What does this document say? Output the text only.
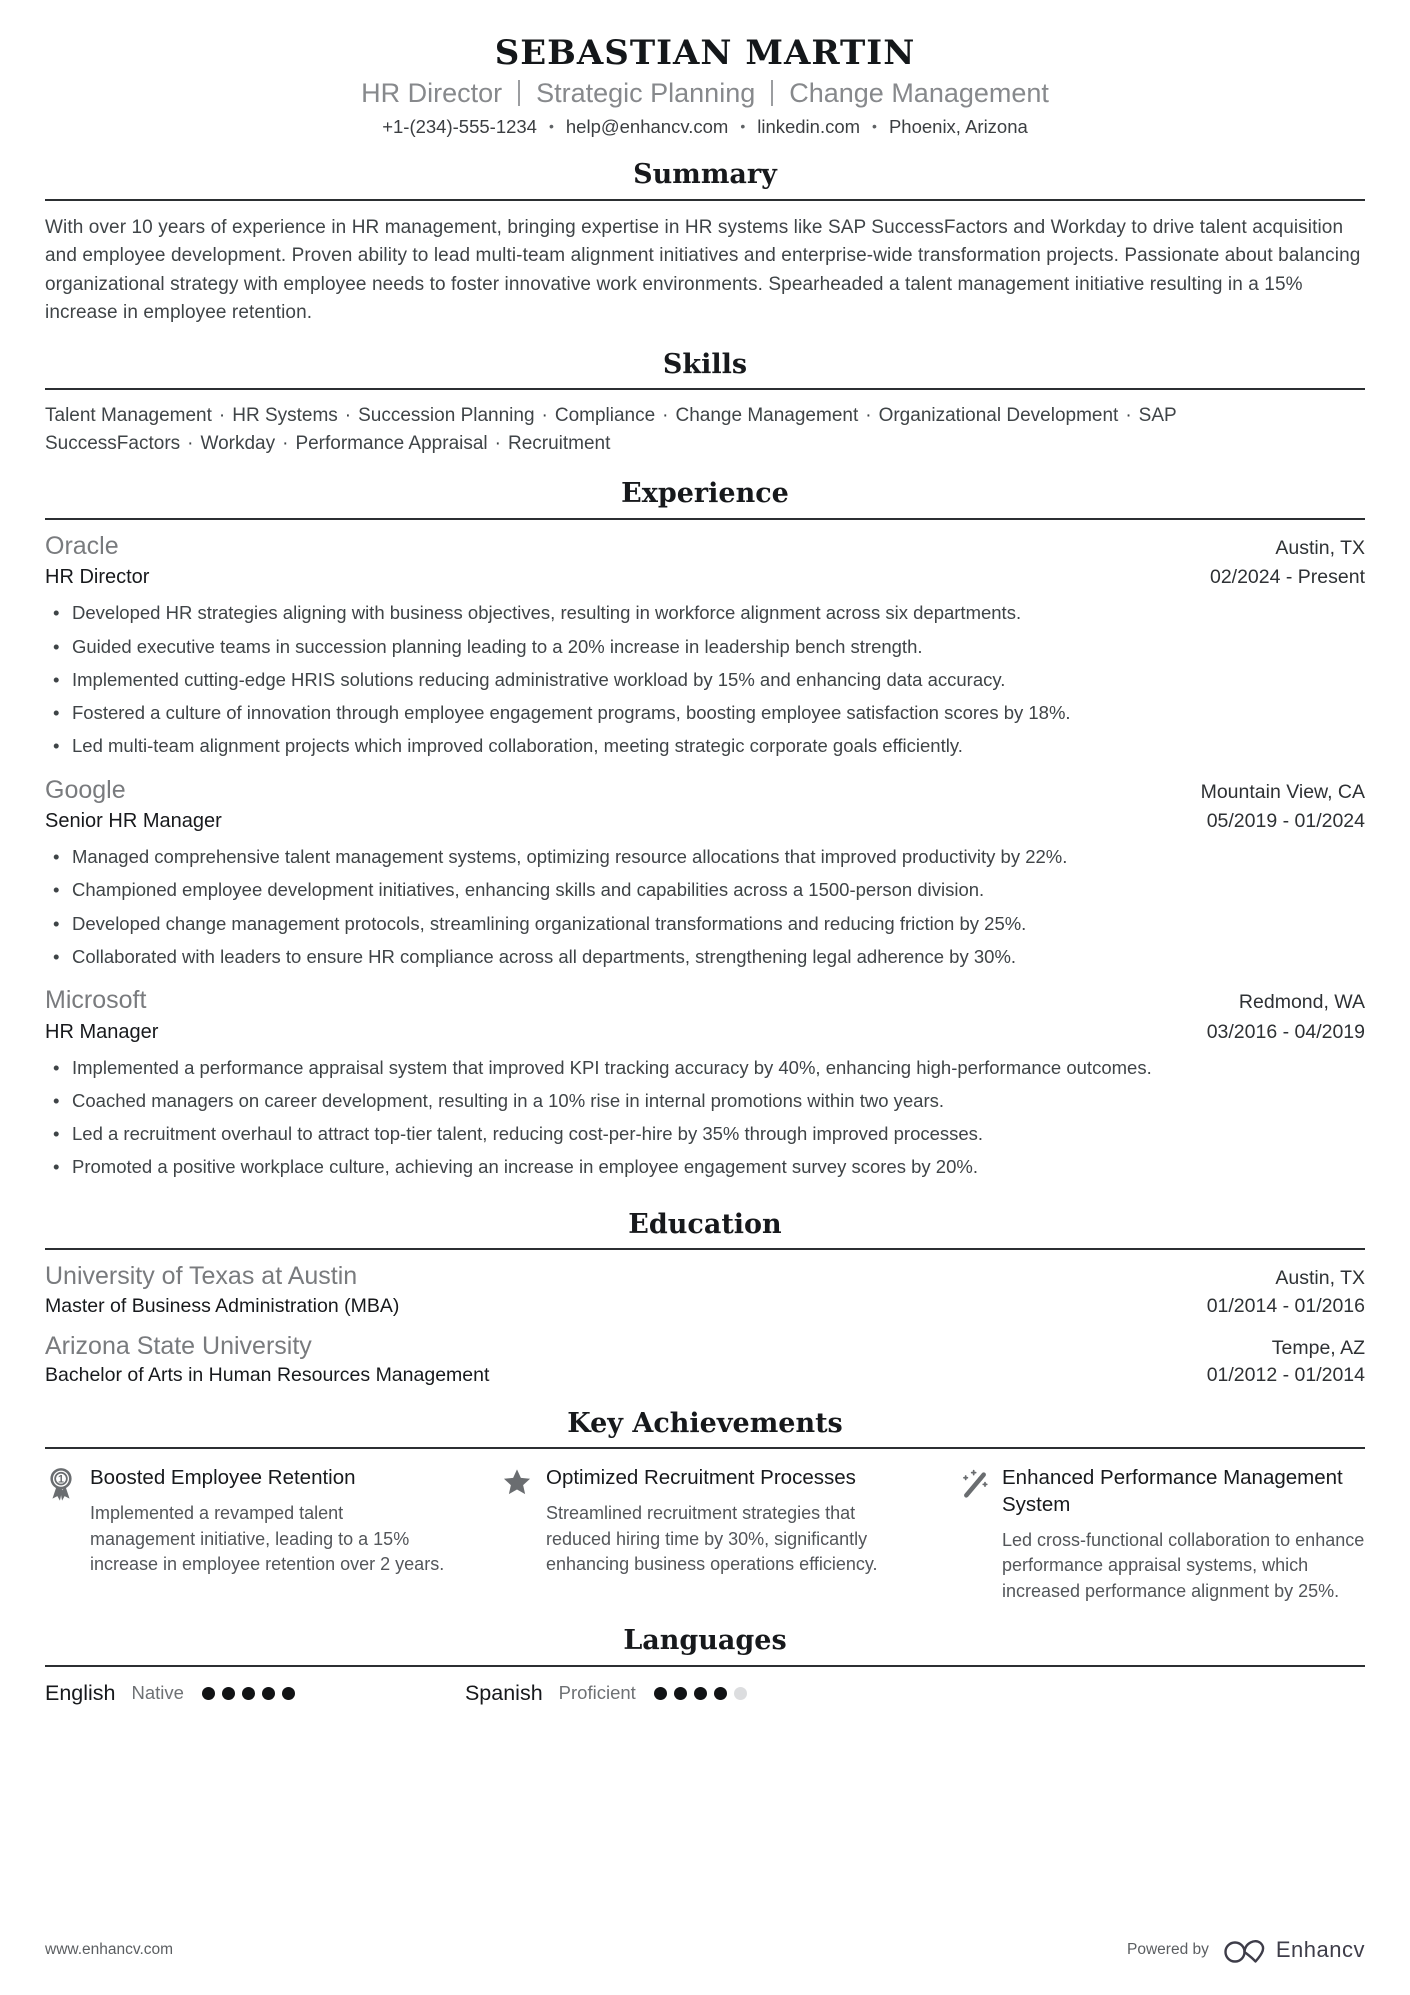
SEBASTIAN MARTIN
HR Director Strategic Planning Change Management
+1-(234)-555-1234	• help@enhancv.com	• linkedin.com	• Phoenix, Arizona
Summary

With over 10 years of experience in HR management, bringing expertise in HR systems like SAP SuccessFactors and Workday to drive talent acquisition and employee development. Proven ability to lead multi-team alignment initiatives and enterprise-wide transformation projects. Passionate about balancing organizational strategy with employee needs to foster innovative work environments. Spearheaded a talent management initiative resulting in a 15% increase in employee retention.

Skills
Talent Management · HR Systems · Succession Planning · Compliance · Change Management · Organizational Development · SAP SuccessFactors · Workday · Performance Appraisal · Recruitment
Experience
Oracle	Austin, TX
HR Director	02/2024 - Present
• Developed HR strategies aligning with business objectives, resulting in workforce alignment across six departments.
• Guided executive teams in succession planning leading to a 20% increase in leadership bench strength.
• Implemented cutting-edge HRIS solutions reducing administrative workload by 15% and enhancing data accuracy.
• Fostered a culture of innovation through employee engagement programs, boosting employee satisfaction scores by 18%.
• Led multi-team alignment projects which improved collaboration, meeting strategic corporate goals efficiently.
Google	Mountain View, CA
Senior HR Manager	05/2019 - 01/2024
• Managed comprehensive talent management systems, optimizing resource allocations that improved productivity by 22%.
• Championed employee development initiatives, enhancing skills and capabilities across a 1500-person division.
• Developed change management protocols, streamlining organizational transformations and reducing friction by 25%.
• Collaborated with leaders to ensure HR compliance across all departments, strengthening legal adherence by 30%.
Microsoft	Redmond, WA
HR Manager	03/2016 - 04/2019
• Implemented a performance appraisal system that improved KPI tracking accuracy by 40%, enhancing high-performance outcomes.
• Coached managers on career development, resulting in a 10% rise in internal promotions within two years.
• Led a recruitment overhaul to attract top-tier talent, reducing cost-per-hire by 35% through improved processes.
• Promoted a positive workplace culture, achieving an increase in employee engagement survey scores by 20%.
Education
University of Texas at Austin	Austin, TX
Master of Business Administration (MBA)	01/2014 - 01/2016
Arizona State University	Tempe, AZ
Bachelor of Arts in Human Resources Management	01/2012 - 01/2014
Key Achievements
1 Boosted Employee Retention
Implemented a revamped talent management initiative, leading to a 15% increase in employee retention over 2 years.
Optimized Recruitment Processes
Streamlined recruitment strategies that reduced hiring time by 30%, significantly enhancing business operations efficiency.
Enhanced Performance Management System
Led cross-functional collaboration to enhance performance appraisal systems, which increased performance alignment by 25%.
Languages
English Native	Spanish Proficient
www.enhancv.com	Powered by	Enhancv
